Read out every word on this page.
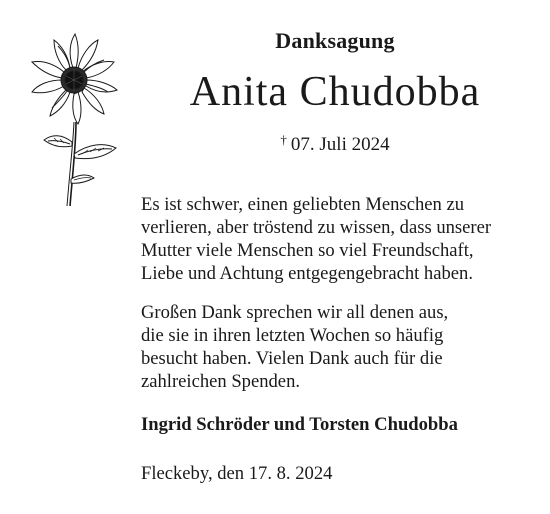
Danksagung
Anita Chudobba
† 07. Juli 2024

Es ist schwer, einen geliebten Menschen zu
verlieren, aber tröstend zu wissen, dass unserer
Mutter viele Menschen so viel Freundschaft,
Liebe und Achtung entgegengebracht haben.

Großen Dank sprechen wir all denen aus,
die sie in ihren letzten Wochen so häufig
besucht haben. Vielen Dank auch für die
zahlreichen Spenden.

Ingrid Schröder und Torsten Chudobba
Fleckeby, den 17. 8. 2024
